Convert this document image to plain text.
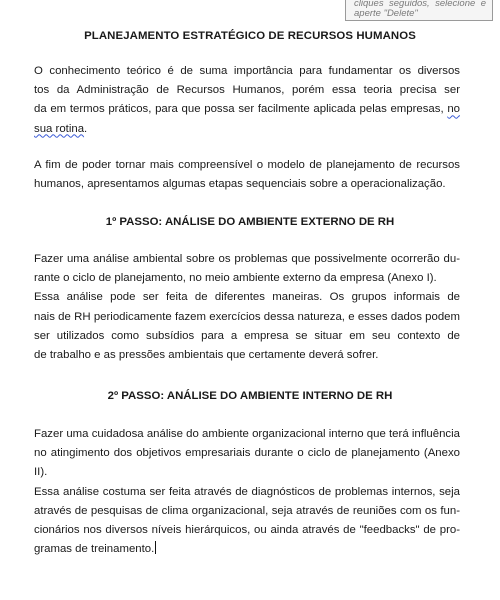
cliques seguidos, selecione e
aperte "Delete"
PLANEJAMENTO ESTRATÉGICO DE RECURSOS HUMANOS
O conhecimento teórico é de suma importância para fundamentar os diversos
tos da Administração de Recursos Humanos, porém essa teoria precisa ser
da em termos práticos, para que possa ser facilmente aplicada pelas empresas, no
sua rotina.
A fim de poder tornar mais compreensível o modelo de planejamento de recursos
humanos, apresentamos algumas etapas sequenciais sobre a operacionalização.
1º PASSO: ANÁLISE DO AMBIENTE EXTERNO DE RH
Fazer uma análise ambiental sobre os problemas que possivelmente ocorrerão du-
rante o ciclo de planejamento, no meio ambiente externo da empresa (Anexo I).
Essa análise pode ser feita de diferentes maneiras. Os grupos informais de
nais de RH periodicamente fazem exercícios dessa natureza, e esses dados podem
ser utilizados como subsídios para a empresa se situar em seu contexto de
de trabalho e as pressões ambientais que certamente deverá sofrer.
2º PASSO: ANÁLISE DO AMBIENTE INTERNO DE RH
Fazer uma cuidadosa análise do ambiente organizacional interno que terá influência
no atingimento dos objetivos empresariais durante o ciclo de planejamento (Anexo
II).
Essa análise costuma ser feita através de diagnósticos de problemas internos, seja
através de pesquisas de clima organizacional, seja através de reuniões com os fun-
cionários nos diversos níveis hierárquicos, ou ainda através de "feedbacks" de pro-
gramas de treinamento.
